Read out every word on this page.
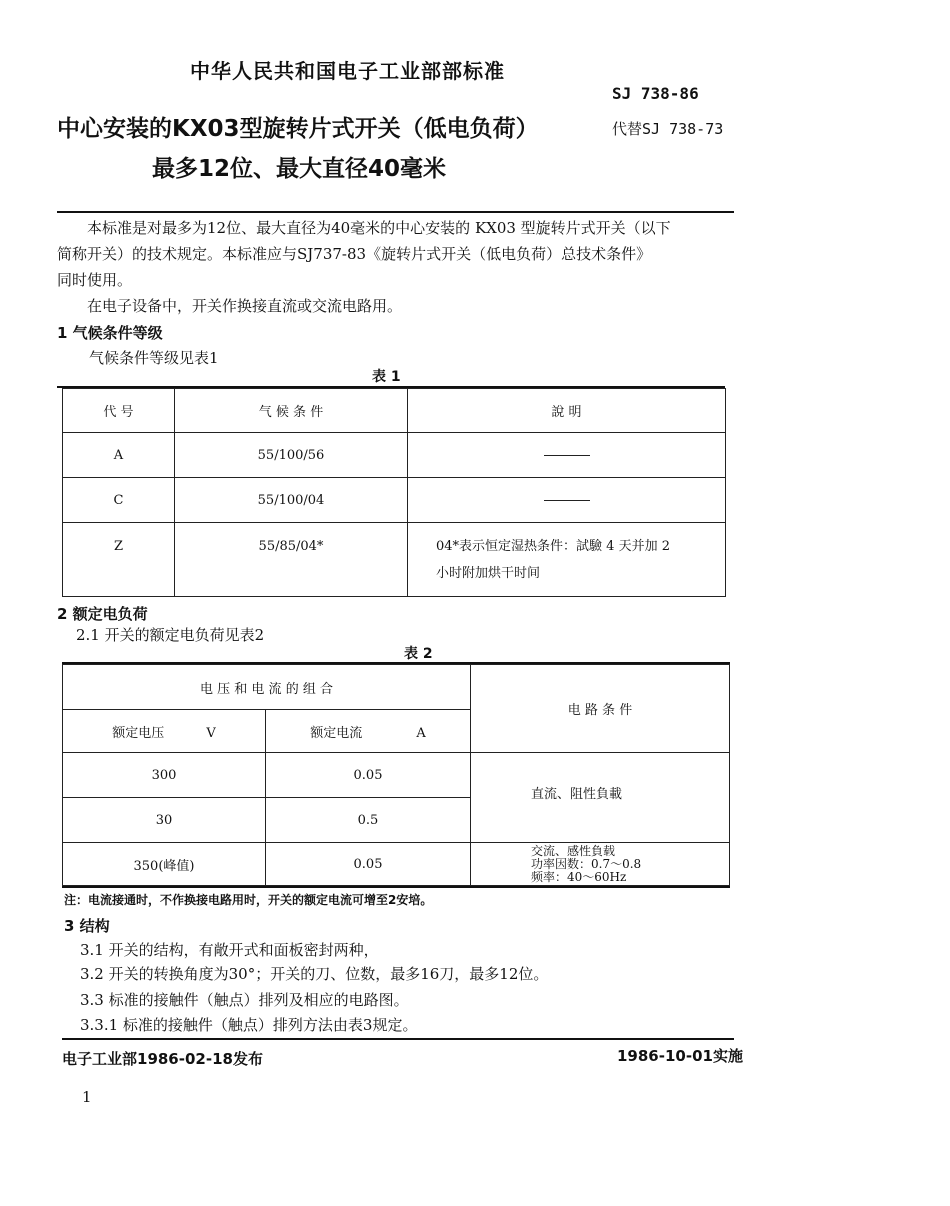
中华人民共和国电子工业部部标准
SJ 738-86
代替SJ 738-73
中心安装的KX03型旋转片式开关（低电负荷）
最多12位、最大直径40毫米
本标准是对最多为12位、最大直径为40毫米的中心安装的 KX03 型旋转片式开关（以下
简称开关）的技术规定。本标准应与SJ737-83《旋转片式开关（低电负荷）总技术条件》
同时使用。
在电子设备中，开关作换接直流或交流电路用。
1 气候条件等级
气候条件等级见表1
表 1
代 号	气 候 条 件	說 明
A	55/100/56	
C	55/100/04	
Z	55/85/04*	04*表示恒定湿热条件：試驗 4 天并加 2
小时附加烘干时间
2 额定电负荷
2.1 开关的额定电负荷见表2
表 2
电 压 和 电 流 的 组 合		电 路 条 件
额定电压 V	额定电流 A	
300	0.05	直流、阻性負載
30	0.5	
350(峰值)	0.05	交流、感性負载
功率因数：0.7～0.8
频率：40～60Hz
注：电流接通时，不作换接电路用时，开关的额定电流可增至2安培。
3 结构
3.1 开关的结构，有敞开式和面板密封两种，
3.2 开关的转换角度为30°；开关的刀、位数，最多16刀，最多12位。
3.3 标准的接触件（触点）排列及相应的电路图。
3.3.1 标准的接触件（触点）排列方法由表3规定。
电子工业部1986-02-18发布	1986-10-01实施
1
